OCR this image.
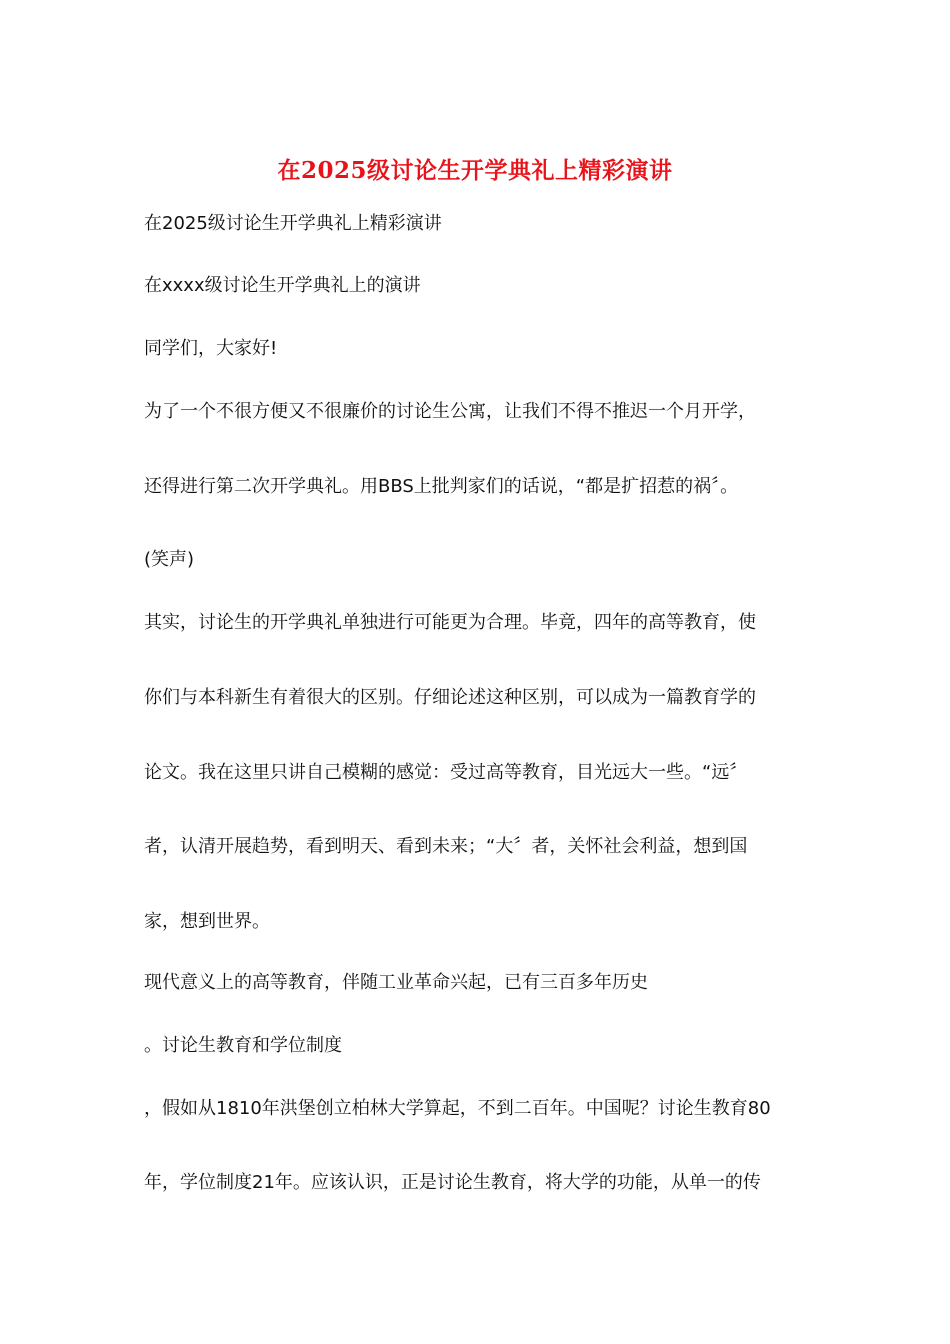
在2025级讨论生开学典礼上精彩演讲
在2025级讨论生开学典礼上精彩演讲
在xxxx级讨论生开学典礼上的演讲
同学们，大家好!
为了一个不很方便又不很廉价的讨论生公寓，让我们不得不推迟一个月开学，
还得进行第二次开学典礼。用BBS上批判家们的话说，“都是扩招惹的祸〞。
(笑声)
其实，讨论生的开学典礼单独进行可能更为合理。毕竟，四年的高等教育，使
你们与本科新生有着很大的区别。仔细论述这种区别，可以成为一篇教育学的
论文。我在这里只讲自己模糊的感觉：受过高等教育，目光远大一些。“远〞
者，认清开展趋势，看到明天、看到未来；“大〞者，关怀社会利益，想到国
家，想到世界。
现代意义上的高等教育，伴随工业革命兴起，已有三百多年历史
。讨论生教育和学位制度
，假如从1810年洪堡创立柏林大学算起，不到二百年。中国呢？讨论生教育80
年，学位制度21年。应该认识，正是讨论生教育，将大学的功能，从单一的传
